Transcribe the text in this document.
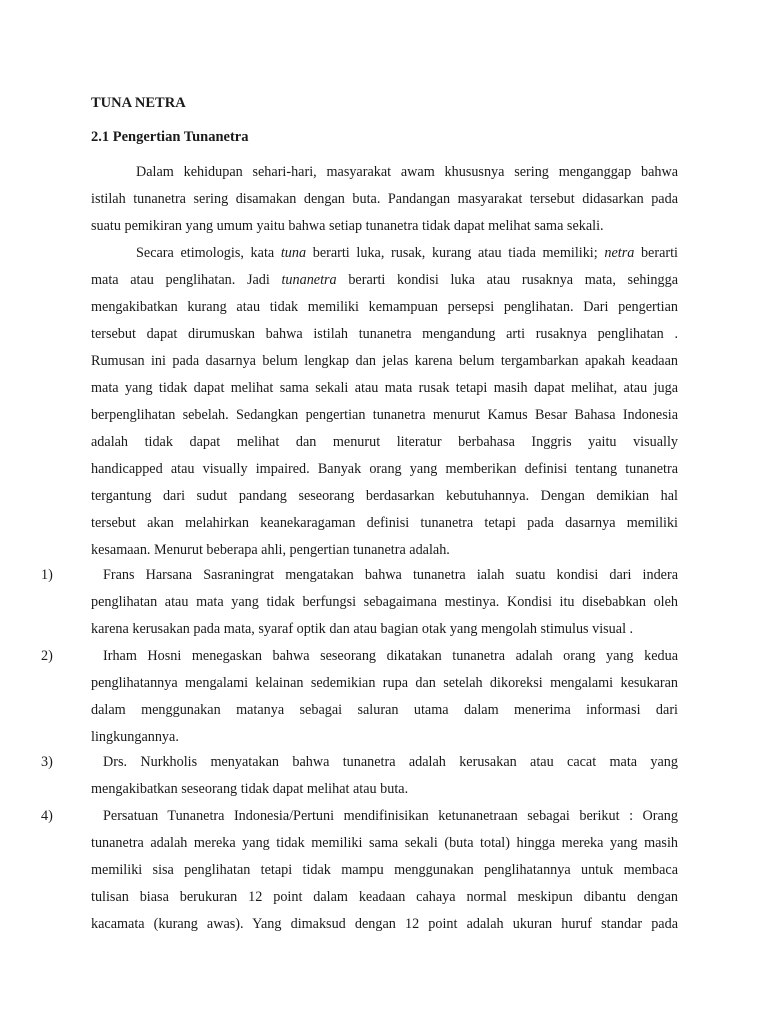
TUNA NETRA
2.1 Pengertian Tunanetra
Dalam kehidupan sehari-hari, masyarakat awam khususnya sering menganggap bahwa
istilah tunanetra sering disamakan dengan buta. Pandangan masyarakat tersebut didasarkan pada
suatu pemikiran yang umum yaitu bahwa setiap tunanetra tidak dapat melihat sama sekali.
Secara etimologis, kata tuna berarti luka, rusak, kurang atau tiada memiliki; netra berarti
mata atau penglihatan. Jadi tunanetra berarti kondisi luka atau rusaknya mata, sehingga
mengakibatkan kurang atau tidak memiliki kemampuan persepsi penglihatan. Dari pengertian
tersebut dapat dirumuskan bahwa istilah tunanetra mengandung arti rusaknya penglihatan .
Rumusan ini pada dasarnya belum lengkap dan jelas karena belum tergambarkan apakah keadaan
mata yang tidak dapat melihat sama sekali atau mata rusak tetapi masih dapat melihat, atau juga
berpenglihatan sebelah. Sedangkan pengertian tunanetra menurut Kamus Besar Bahasa Indonesia
adalah tidak dapat melihat dan menurut literatur berbahasa Inggris yaitu visually
handicapped atau visually impaired. Banyak orang yang memberikan definisi tentang tunanetra
tergantung dari sudut pandang seseorang berdasarkan kebutuhannya. Dengan demikian hal
tersebut akan melahirkan keanekaragaman definisi tunanetra tetapi pada dasarnya memiliki
kesamaan. Menurut beberapa ahli, pengertian tunanetra adalah.
1)	Frans Harsana Sasraningrat mengatakan bahwa tunanetra ialah suatu kondisi dari indera
penglihatan atau mata yang tidak berfungsi sebagaimana mestinya. Kondisi itu disebabkan oleh
karena kerusakan pada mata, syaraf optik dan atau bagian otak yang mengolah stimulus visual .
2)	Irham Hosni menegaskan bahwa seseorang dikatakan tunanetra adalah orang yang kedua
penglihatannya mengalami kelainan sedemikian rupa dan setelah dikoreksi mengalami kesukaran
dalam menggunakan matanya sebagai saluran utama dalam menerima informasi dari
lingkungannya.
3)	Drs. Nurkholis menyatakan bahwa tunanetra adalah kerusakan atau cacat mata yang
mengakibatkan seseorang tidak dapat melihat atau buta.
4)	Persatuan Tunanetra Indonesia/Pertuni mendifinisikan ketunanetraan sebagai berikut : Orang
tunanetra adalah mereka yang tidak memiliki sama sekali (buta total) hingga mereka yang masih
memiliki sisa penglihatan tetapi tidak mampu menggunakan penglihatannya untuk membaca
tulisan biasa berukuran 12 point dalam keadaan cahaya normal meskipun dibantu dengan
kacamata (kurang awas). Yang dimaksud dengan 12 point adalah ukuran huruf standar pada
